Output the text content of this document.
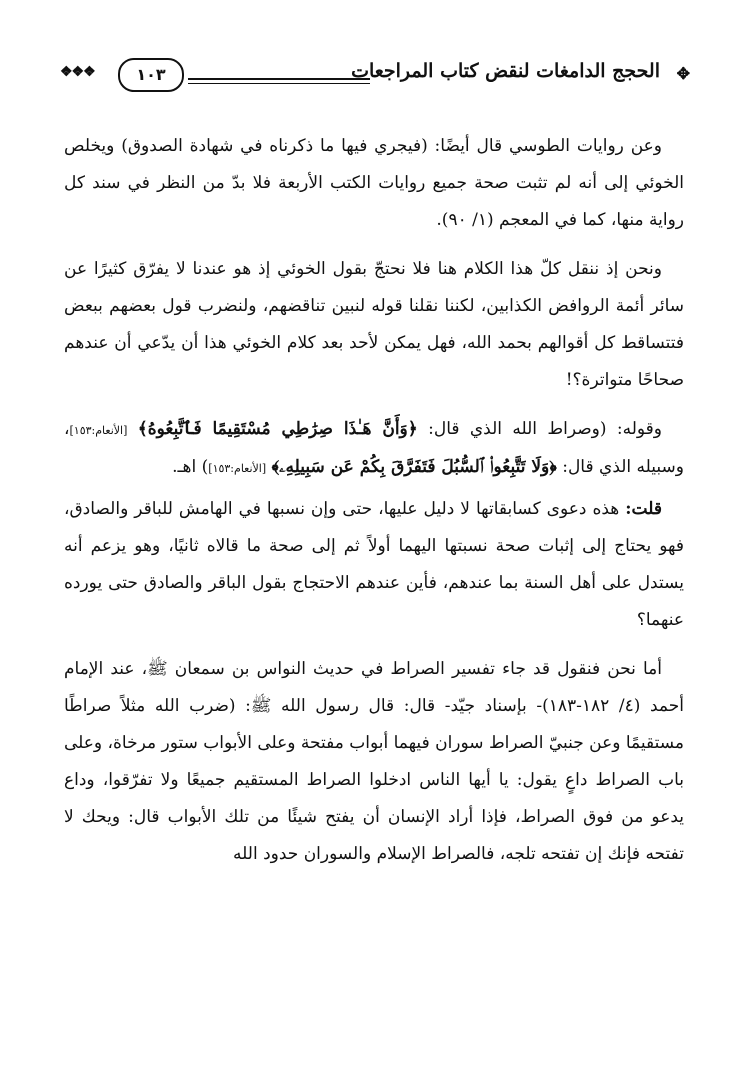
✥
الحجج الدامغات لنقض كتاب المراجعات
١٠٣
❖❖❖

وعن روايات الطوسي قال أيضًا: (فيجري فيها ما ذكرناه في شهادة الصدوق) ويخلص الخوئي إلى أنه لم تثبت صحة جميع روايات الكتب الأربعة فلا بدّ من النظر في سند كل رواية منها، كما في المعجم (١/ ٩٠).

ونحن إذ ننقل كلّ هذا الكلام هنا فلا نحتجّ بقول الخوئي إذ هو عندنا لا يفرّق كثيرًا عن سائر أئمة الروافض الكذابين، لكننا نقلنا قوله لنبين تناقضهم، ولنضرب قول بعضهم ببعض فتتساقط كل أقوالهم بحمد الله، فهل يمكن لأحد بعد كلام الخوئي هذا أن يدّعي أن عندهم صحاحًا متواترة؟!

وقوله: (وصراط الله الذي قال: ﴿وَأَنَّ هَـٰذَا صِرَٰطِي مُسْتَقِيمًا فَٱتَّبِعُوهُ﴾ [الأنعام:١٥٣]، وسبيله الذي قال: ﴿وَلَا تَتَّبِعُوا۟ ٱلسُّبُلَ فَتَفَرَّقَ بِكُمْ عَن سَبِيلِهِۦ﴾ [الأنعام:١٥٣]) اهـ.

قلت: هذه دعوى كسابقاتها لا دليل عليها، حتى وإن نسبها في الهامش للباقر والصادق، فهو يحتاج إلى إثبات صحة نسبتها اليهما أولاً ثم إلى صحة ما قالاه ثانيًا، وهو يزعم أنه يستدل على أهل السنة بما عندهم، فأين عندهم الاحتجاج بقول الباقر والصادق حتى يورده عنهما؟

أما نحن فنقول قد جاء تفسير الصراط في حديث النواس بن سمعان ﷺ، عند الإمام أحمد (٤/ ١٨٢-١٨٣)- بإسناد جيّد- قال: قال رسول الله ﷺ: (ضرب الله مثلاً صراطًا مستقيمًا وعن جنبيّ الصراط سوران فيهما أبواب مفتحة وعلى الأبواب ستور مرخاة، وعلى باب الصراط داعٍ يقول: يا أيها الناس ادخلوا الصراط المستقيم جميعًا ولا تفرّقوا، وداع يدعو من فوق الصراط، فإذا أراد الإنسان أن يفتح شيئًا من تلك الأبواب قال: ويحك لا تفتحه فإنك إن تفتحه تلجه، فالصراط الإسلام والسوران حدود الله
